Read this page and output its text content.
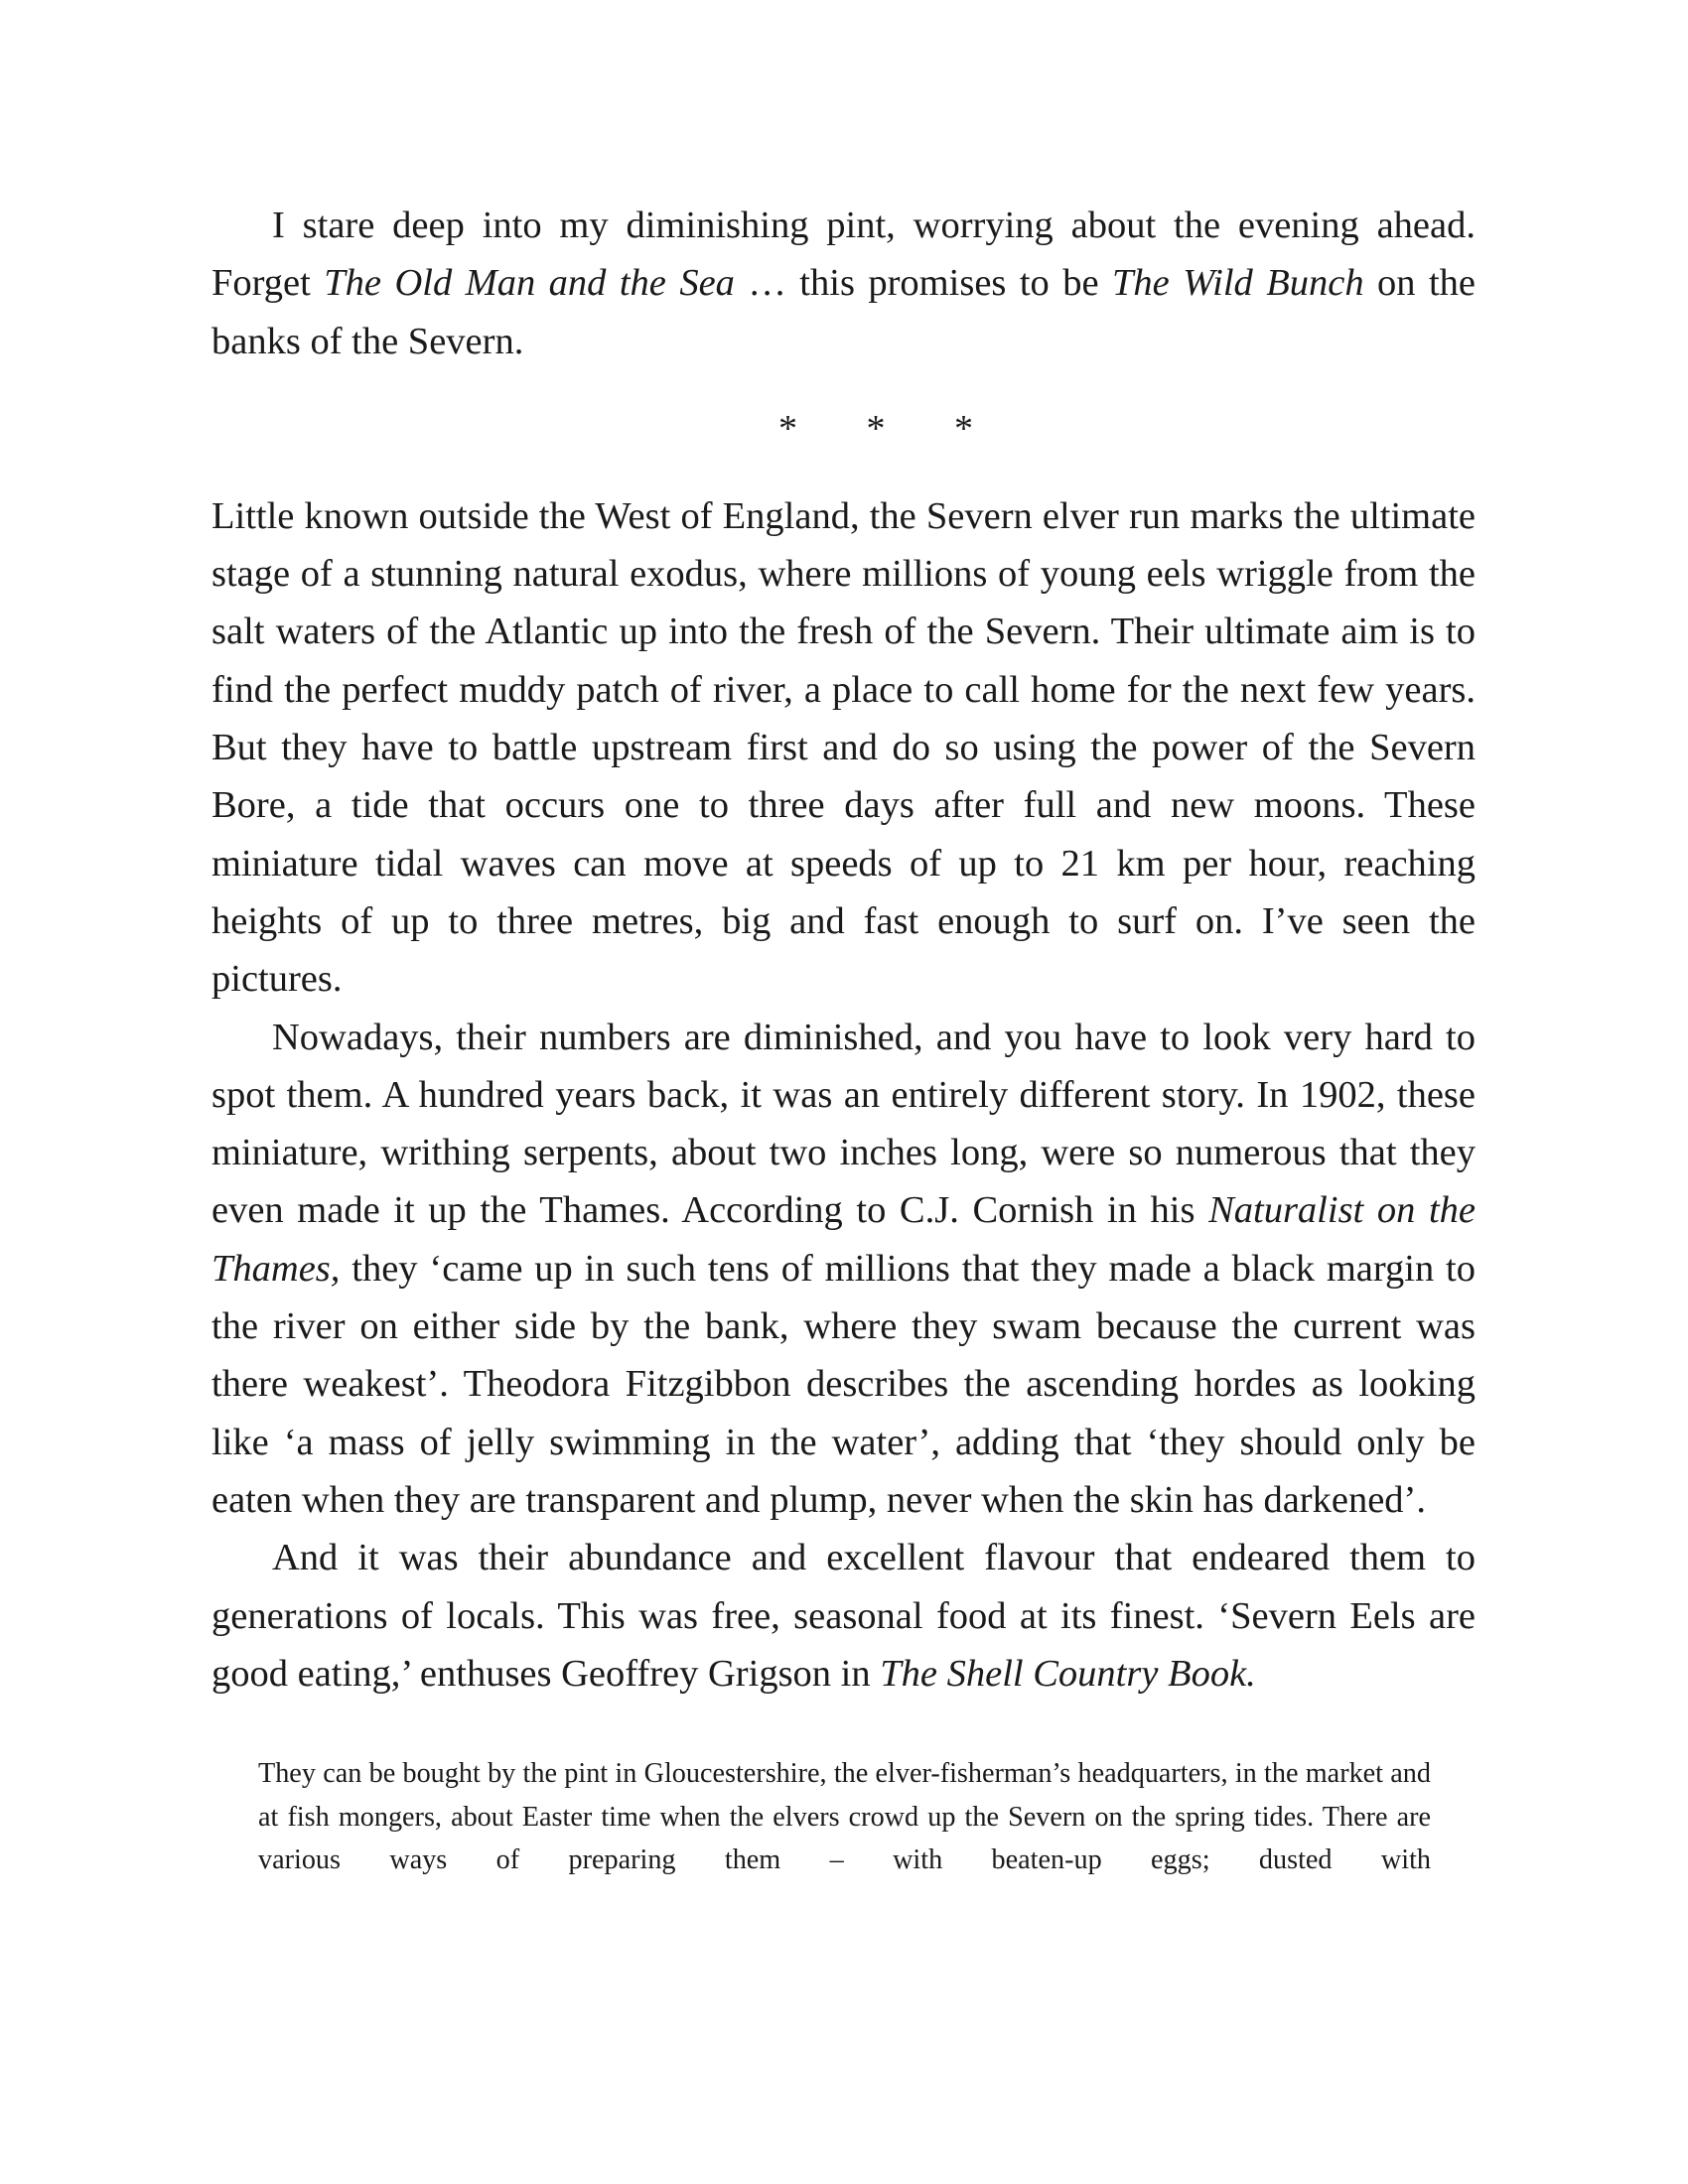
I stare deep into my diminishing pint, worrying about the evening ahead. Forget The Old Man and the Sea … this promises to be The Wild Bunch on the banks of the Severn.

* * *

Little known outside the West of England, the Severn elver run marks the ultimate stage of a stunning natural exodus, where millions of young eels wriggle from the salt waters of the Atlantic up into the fresh of the Severn. Their ultimate aim is to find the perfect muddy patch of river, a place to call home for the next few years. But they have to battle upstream first and do so using the power of the Severn Bore, a tide that occurs one to three days after full and new moons. These miniature tidal waves can move at speeds of up to 21 km per hour, reaching heights of up to three metres, big and fast enough to surf on. I’ve seen the pictures.

Nowadays, their numbers are diminished, and you have to look very hard to spot them. A hundred years back, it was an entirely different story. In 1902, these miniature, writhing serpents, about two inches long, were so numerous that they even made it up the Thames. According to C.J. Cornish in his Naturalist on the Thames, they ‘came up in such tens of millions that they made a black margin to the river on either side by the bank, where they swam because the current was there weakest’. Theodora Fitzgibbon describes the ascending hordes as looking like ‘a mass of jelly swimming in the water’, adding that ‘they should only be eaten when they are transparent and plump, never when the skin has darkened’.

And it was their abundance and excellent flavour that endeared them to generations of locals. This was free, seasonal food at its finest. ‘Severn Eels are good eating,’ enthuses Geoffrey Grigson in The Shell Country Book.

They can be bought by the pint in Gloucestershire, the elver-fisherman’s headquarters, in the market and at fish mongers, about Easter time when the elvers crowd up the Severn on the spring tides. There are various ways of preparing them – with beaten-up eggs; dusted with
